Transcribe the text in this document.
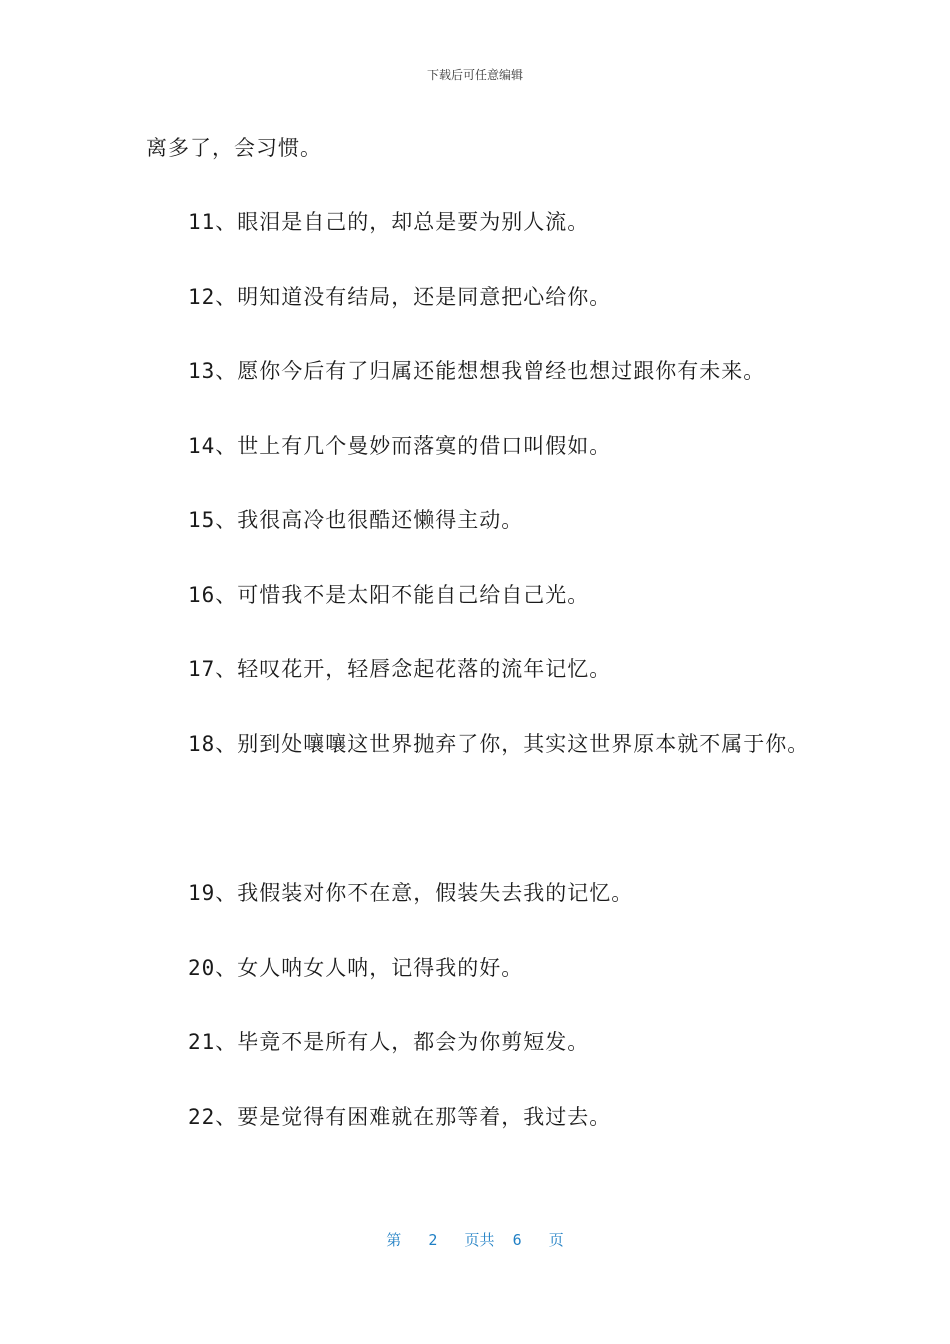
下载后可任意编辑
离多了，会习惯。
11、眼泪是自己的，却总是要为别人流。
12、明知道没有结局，还是同意把心给你。
13、愿你今后有了归属还能想想我曾经也想过跟你有未来。
14、世上有几个曼妙而落寞的借口叫假如。
15、我很高冷也很酷还懒得主动。
16、可惜我不是太阳不能自己给自己光。
17、轻叹花开，轻唇念起花落的流年记忆。
18、别到处嚷嚷这世界抛弃了你，其实这世界原本就不属于你。
19、我假装对你不在意，假装失去我的记忆。
20、女人呐女人呐，记得我的好。
21、毕竟不是所有人，都会为你剪短发。
22、要是觉得有困难就在那等着，我过去。
第 2 页共 6 页
